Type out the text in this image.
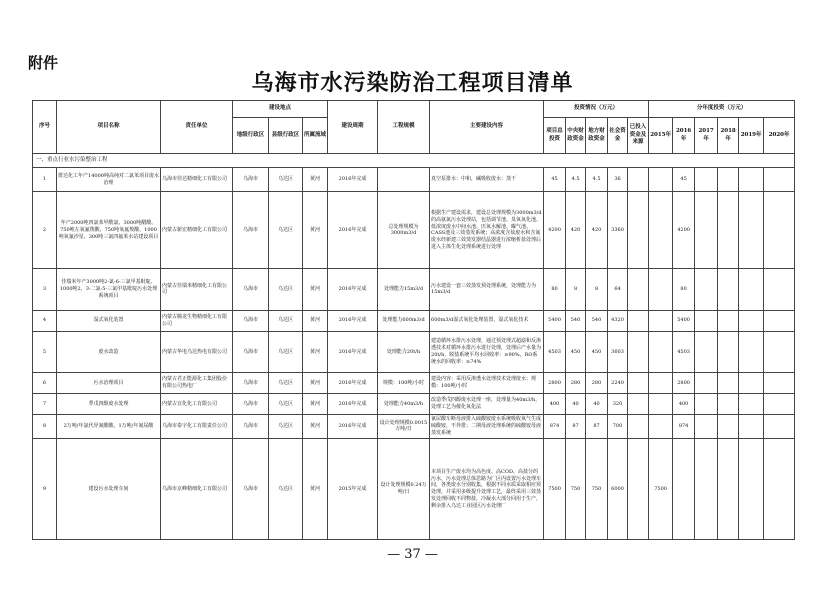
附件
乌海市水污染防治工程项目清单
序号	项目名称	责任单位	建设地点			建设周期	工程规模	主要建设内容	投资情况（万元）					分年度投资（万元）					
			地级行政区	县级行政区	所属流域				项目总投资	中央财政资金	地方财政资金	社会资金	已投入资金及来源	2015年	2016年	2017年	2018年	2019年	2020年
一、重点行业水污染整治工程																			
1	排达化工年产14000吨高纯对二氯苯项目废水治理	乌海市佳达精细化工有限公司	乌海市	乌达区	黄河	2016年完成		真空泵排水：中和，碱吸收废水：蒸干	45	4.5	4.5	36			45				
2	年产2000吨四氯苯甲酰氯、3000吨醋酸、750吨左氧氟羧酸、750吨氧氟羧酸、1000吨氧氟沙星、300吨三氯四氟苯水站建设项目	内蒙古新宏精细化工有限公司	乌海市	乌达区	黄河	2016年完成	总处理规模为3000m3/d	根据生产建设需求，建设总处理规模为3000m3/d的高氨氮污水处理站，包括调节池、臭氧氧化池、低浓度废水中间水池、厌氧水解池、曝气池、CASS池及三效蒸发系统；高浓度含盐废水和含氰废水经新建三效蒸发器结晶器进行浓缩析盐处理后进入主体生化处理系统进行处理	4200	420	420	3360			4200				
3	佳瑞米年产3000吨2-氯-6-三氯甲基吡啶、1000吨2，3-二氯-5-三氯甲基吡啶污水处理系统项目	内蒙古佳瑞米精细化工有限公司	乌海市	乌达区	黄河	2016年完成	处理能力15m3/d	污水建设一套三效蒸发预处理系统，处理能力为15m3/d	80	8	8	64			80				
4	湿式氧化装置	内蒙古腾龙生物精细化工有限公司	乌海市	乌达区	黄河	2016年完成	处理能力600m3/d	600m3/d湿式氧化处理装置，湿式氧化技术	5400	540	540	4320			5400				
5	废水改造	内蒙古华电乌达热电有限公司	乌海市	乌达区	黄河	2016年完成	处理能力20t/h	建造循环水排污水处理，通过预处理式超滤和反渗透技术对循环水排污水进行处理，处理后产水量为20t/h，脱盐系统平均水回收率：≥90%，RO系统水的回收率：≥74%	4503	450	450	3603			4503				
6	污水治理项目	内蒙古君正能源化工集团股份有限公司热电厂	乌海市	乌达区	黄河	2016年完成	规模：100吨/小时	建设内容：采用反渗透水处理技术处理废水；规模：100吨/小时	2800	280	280	2240			2800				
7	季戊四醇废水处理	内蒙古宜化化工有限公司	乌海市	乌达区	黄河	2016年完成	处理能力40m3/h	改造季戊四醇废水处理一座，处理量为40m3/h，处理工艺为催化氧化法	400	40	40	320			400				
8	2万吨/年氯代异氰酸酸，1万吨/年氰尿酸	乌海市泰宇化工有限责任公司	乌海市	乌达区	黄河	2016年完成	设计处理规模0.0015万吨/日	氰尿酸车断母液排入硫酸铵废水系统吸收氧气生成硫酸铵，不外排；二期母液处理系统的硫酸铵母液蒸发系统	874	87	87	700			874				
9	建设污水处理车间	乌海市京峰精细化工有限公司	乌海市	乌达区	黄河	2015年完成	设计处理规模0.24万吨/日	本项目生产废水均为高色度、高COD、高盐分的污水，污水处理总体思路为厂区内设置污水处理车间，各类废水分别收集，根据不同水质采取相应预处理，并采用多级提升处理工艺，最终采用三效蒸发处理回收不同物盐，冷凝水大部分回用于生产，剩余排入乌达工业园区污水处理厂	7500	750	750	6000		7500					
— 37 —
